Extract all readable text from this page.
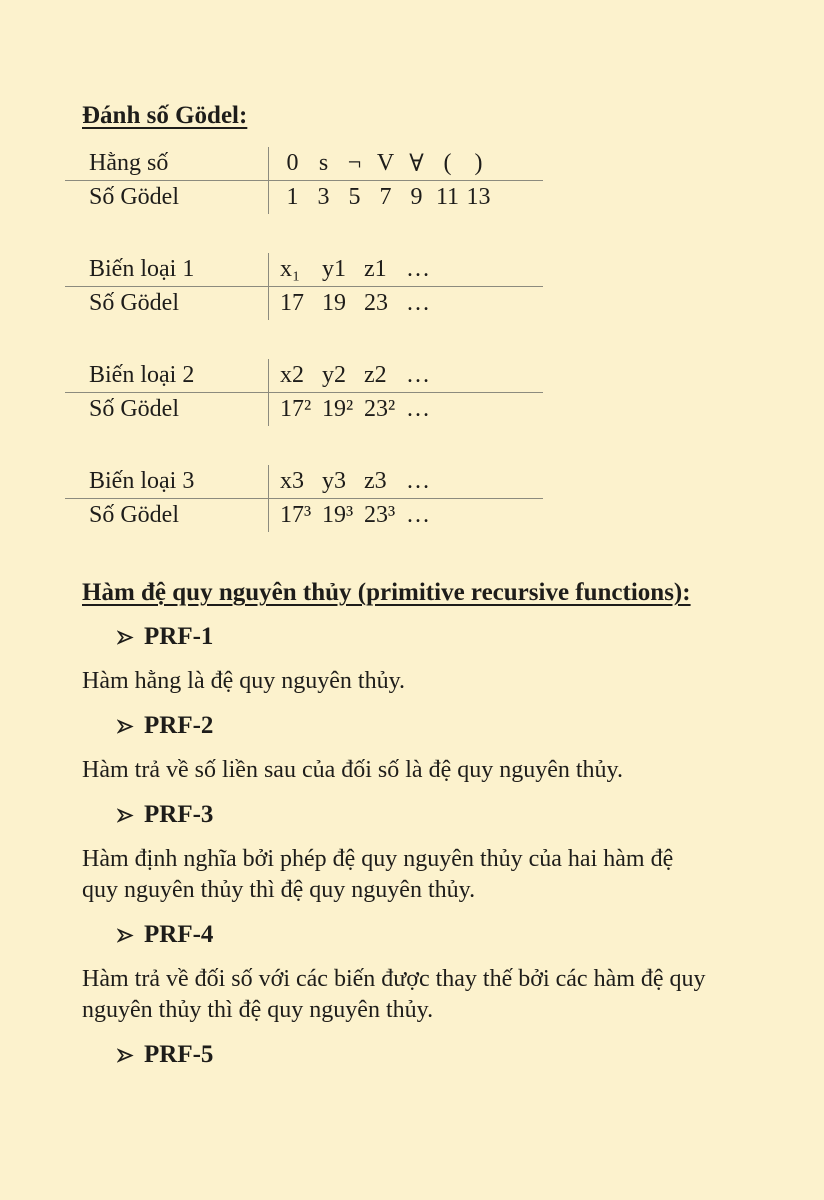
Đánh số Gödel:
Hằng số	0 s ¬ V ∀ ( )
Số Gödel	1 3 5 7 9 11 13
Biến loại 1	x₁ y1 z1 …
Số Gödel	17 19 23 …
Biến loại 2	x2 y2 z2 …
Số Gödel	17² 19² 23² …
Biến loại 3	x3 y3 z3 …
Số Gödel	17³ 19³ 23³ …
Hàm đệ quy nguyên thủy (primitive recursive functions):
PRF-1

Hàm hằng là đệ quy nguyên thủy.

PRF-2

Hàm trả về số liền sau của đối số là đệ quy nguyên thủy.

PRF-3

Hàm định nghĩa bởi phép đệ quy nguyên thủy của hai hàm đệ
quy nguyên thủy thì đệ quy nguyên thủy.

PRF-4

Hàm trả về đối số với các biến được thay thế bởi các hàm đệ quy
nguyên thủy thì đệ quy nguyên thủy.

PRF-5
